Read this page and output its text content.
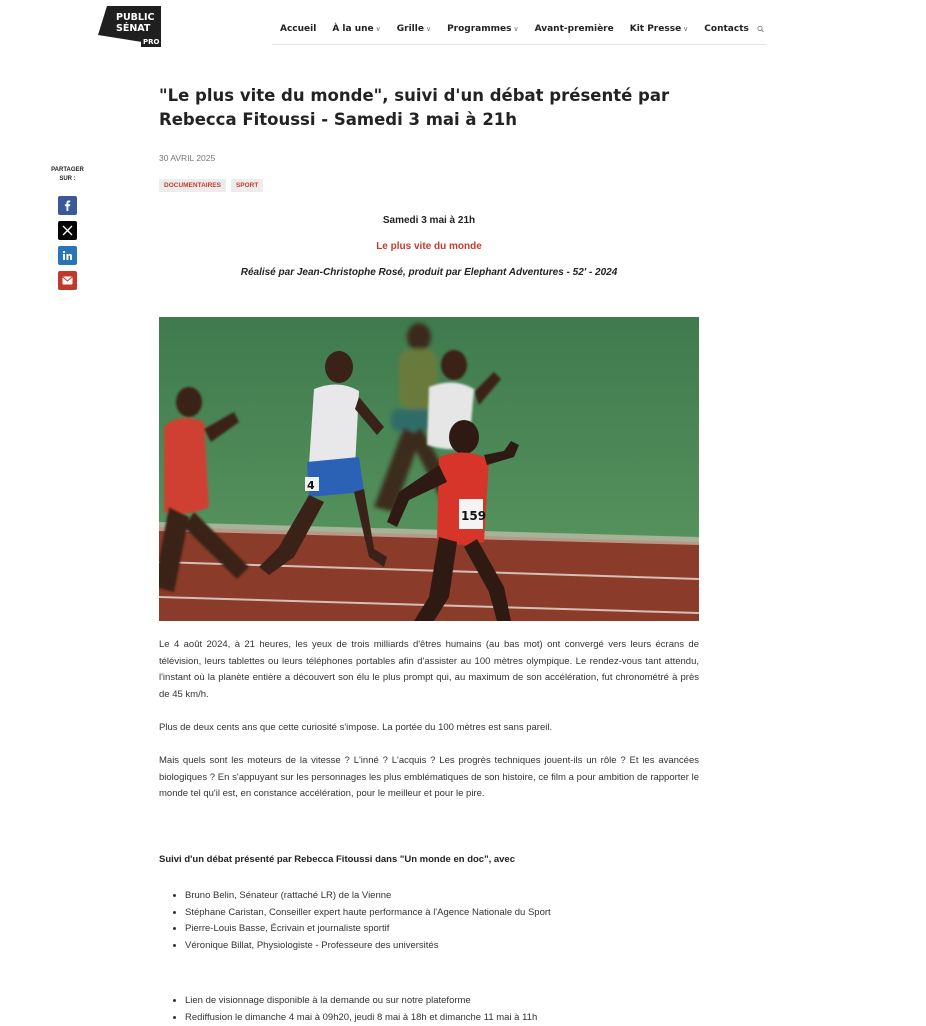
PUBLIC
SÉNAT
PRO
Accueil À la une ∨ Grille ∨ Programmes ∨ Avant-première Kit Presse ∨ Contacts
PARTAGER
SUR :
"Le plus vite du monde", suivi d'un débat présenté par Rebecca Fitoussi - Samedi 3 mai à 21h
30 AVRIL 2025
DOCUMENTAIRES	SPORT
Samedi 3 mai à 21h
Le plus vite du monde
Réalisé par Jean-Christophe Rosé, produit par Elephant Adventures - 52' - 2024
4
159

Le 4 août 2024, à 21 heures, les yeux de trois milliards d'êtres humains (au bas mot) ont convergé vers leurs écrans de télévision, leurs tablettes ou leurs téléphones portables afin d'assister au 100 mètres olympique. Le rendez-vous tant attendu, l'instant où la planète entière a découvert son élu le plus prompt qui, au maximum de son accélération, fut chronométré à près de 45 km/h.

Plus de deux cents ans que cette curiosité s'impose. La portée du 100 mètres est sans pareil.

Mais quels sont les moteurs de la vitesse ? L'inné ? L'acquis ? Les progrès techniques jouent-ils un rôle ? Et les avancées biologiques ? En s'appuyant sur les personnages les plus emblématiques de son histoire, ce film a pour ambition de rapporter le monde tel qu'il est, en constance accélération, pour le meilleur et pour le pire.

Suivi d'un débat présenté par Rebecca Fitoussi dans "Un monde en doc", avec
• Bruno Belin, Sénateur (rattaché LR) de la Vienne
• Stéphane Caristan, Conseiller expert haute performance à l'Agence Nationale du Sport
• Pierre-Louis Basse, Écrivain et journaliste sportif
• Véronique Billat, Physiologiste - Professeure des universités
• Lien de visionnage disponible à la demande ou sur notre plateforme
• Rediffusion le dimanche 4 mai à 09h20, jeudi 8 mai à 18h et dimanche 11 mai à 11h
